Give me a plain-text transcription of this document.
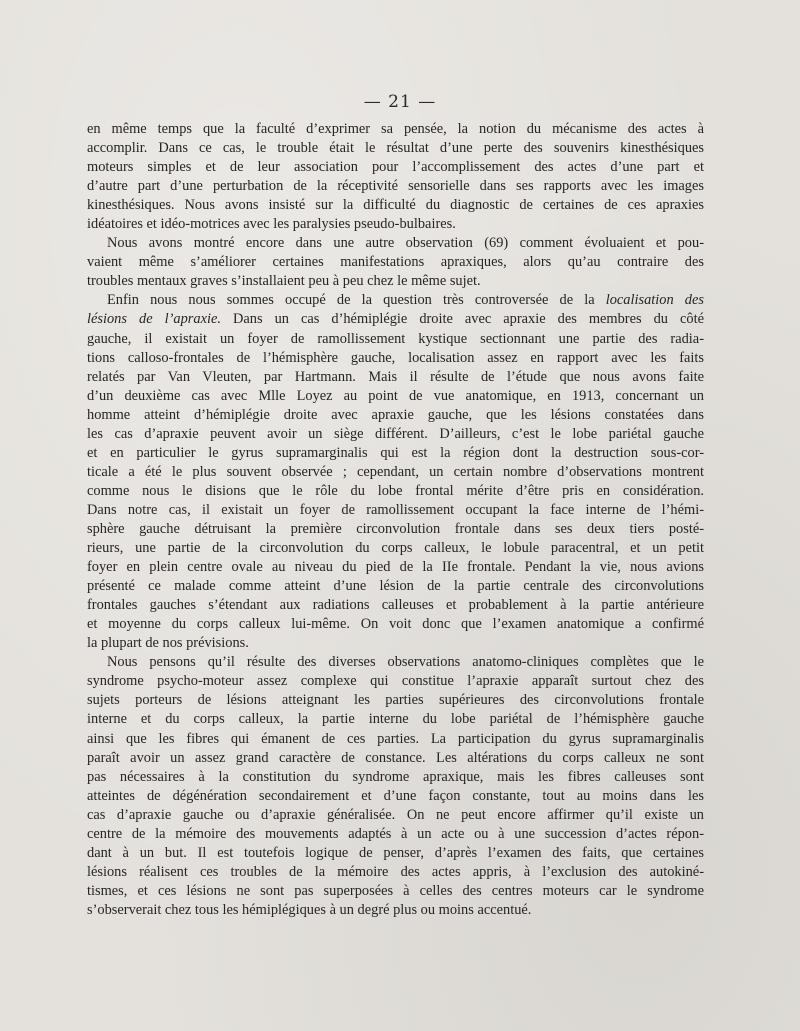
— 21 —
en même temps que la faculté d’exprimer sa pensée, la notion du mécanisme des actes à
accomplir. Dans ce cas, le trouble était le résultat d’une perte des souvenirs kinesthésiques
moteurs simples et de leur association pour l’accomplissement des actes d’une part et
d’autre part d’une perturbation de la réceptivité sensorielle dans ses rapports avec les images
kinesthésiques. Nous avons insisté sur la difficulté du diagnostic de certaines de ces apraxies
idéatoires et idéo-motrices avec les paralysies pseudo-bulbaires.
Nous avons montré encore dans une autre observation (69) comment évoluaient et pou-
vaient même s’améliorer certaines manifestations apraxiques, alors qu’au contraire des
troubles mentaux graves s’installaient peu à peu chez le même sujet.
Enfin nous nous sommes occupé de la question très controversée de la localisation des
lésions de l’apraxie. Dans un cas d’hémiplégie droite avec apraxie des membres du côté
gauche, il existait un foyer de ramollissement kystique sectionnant une partie des radia-
tions calloso-frontales de l’hémisphère gauche, localisation assez en rapport avec les faits
relatés par Van Vleuten, par Hartmann. Mais il résulte de l’étude que nous avons faite
d’un deuxième cas avec Mlle Loyez au point de vue anatomique, en 1913, concernant un
homme atteint d’hémiplégie droite avec apraxie gauche, que les lésions constatées dans
les cas d’apraxie peuvent avoir un siège différent. D’ailleurs, c’est le lobe pariétal gauche
et en particulier le gyrus supramarginalis qui est la région dont la destruction sous-cor-
ticale a été le plus souvent observée ; cependant, un certain nombre d’observations montrent
comme nous le disions que le rôle du lobe frontal mérite d’être pris en considération.
Dans notre cas, il existait un foyer de ramollissement occupant la face interne de l’hémi-
sphère gauche détruisant la première circonvolution frontale dans ses deux tiers posté-
rieurs, une partie de la circonvolution du corps calleux, le lobule paracentral, et un petit
foyer en plein centre ovale au niveau du pied de la IIe frontale. Pendant la vie, nous avions
présenté ce malade comme atteint d’une lésion de la partie centrale des circonvolutions
frontales gauches s’étendant aux radiations calleuses et probablement à la partie antérieure
et moyenne du corps calleux lui-même. On voit donc que l’examen anatomique a confirmé
la plupart de nos prévisions.
Nous pensons qu’il résulte des diverses observations anatomo-cliniques complètes que le
syndrome psycho-moteur assez complexe qui constitue l’apraxie apparaît surtout chez des
sujets porteurs de lésions atteignant les parties supérieures des circonvolutions frontale
interne et du corps calleux, la partie interne du lobe pariétal de l’hémisphère gauche
ainsi que les fibres qui émanent de ces parties. La participation du gyrus supramarginalis
paraît avoir un assez grand caractère de constance. Les altérations du corps calleux ne sont
pas nécessaires à la constitution du syndrome apraxique, mais les fibres calleuses sont
atteintes de dégénération secondairement et d’une façon constante, tout au moins dans les
cas d’apraxie gauche ou d’apraxie généralisée. On ne peut encore affirmer qu’il existe un
centre de la mémoire des mouvements adaptés à un acte ou à une succession d’actes répon-
dant à un but. Il est toutefois logique de penser, d’après l’examen des faits, que certaines
lésions réalisent ces troubles de la mémoire des actes appris, à l’exclusion des autokiné-
tismes, et ces lésions ne sont pas superposées à celles des centres moteurs car le syndrome
s’observerait chez tous les hémiplégiques à un degré plus ou moins accentué.
